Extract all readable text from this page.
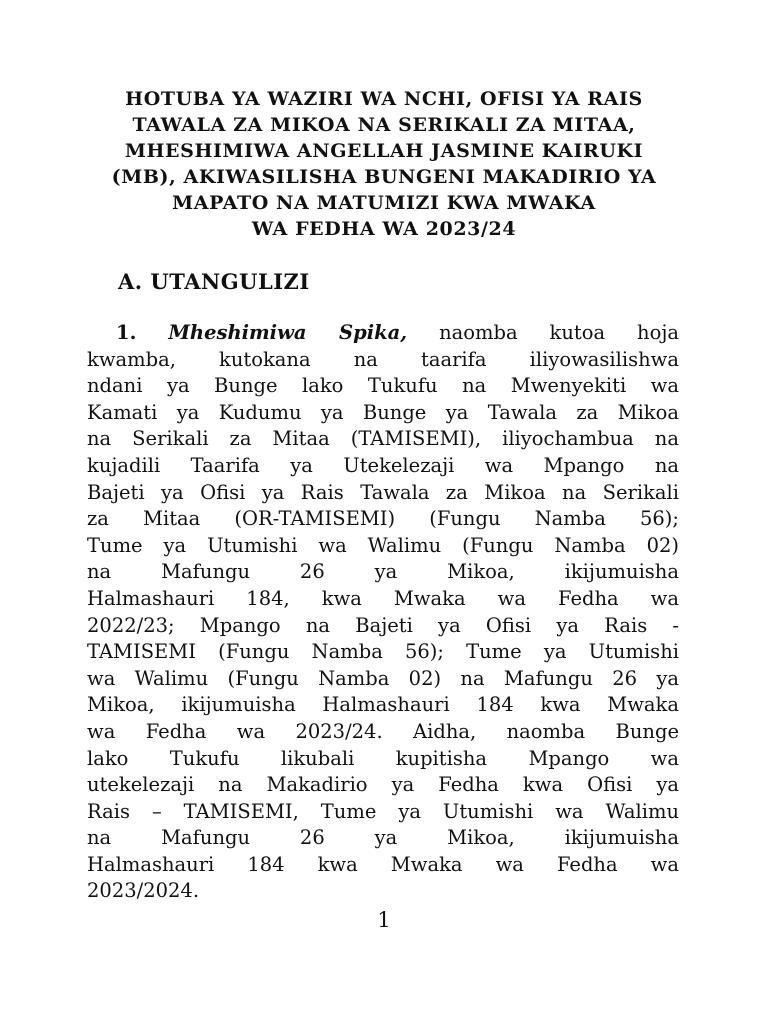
HOTUBA YA WAZIRI WA NCHI, OFISI YA RAIS
TAWALA ZA MIKOA NA SERIKALI ZA MITAA,
MHESHIMIWA ANGELLAH JASMINE KAIRUKI
(MB), AKIWASILISHA BUNGENI MAKADIRIO YA
MAPATO NA MATUMIZI KWA MWAKA
WA FEDHA WA 2023/24
A. UTANGULIZI
1. Mheshimiwa Spika, naomba kutoa hoja
kwamba, kutokana na taarifa iliyowasilishwa
ndani ya Bunge lako Tukufu na Mwenyekiti wa
Kamati ya Kudumu ya Bunge ya Tawala za Mikoa
na Serikali za Mitaa (TAMISEMI), iliyochambua na
kujadili Taarifa ya Utekelezaji wa Mpango na
Bajeti ya Ofisi ya Rais Tawala za Mikoa na Serikali
za Mitaa (OR-TAMISEMI) (Fungu Namba 56);
Tume ya Utumishi wa Walimu (Fungu Namba 02)
na Mafungu 26 ya Mikoa, ikijumuisha
Halmashauri 184, kwa Mwaka wa Fedha wa
2022/23; Mpango na Bajeti ya Ofisi ya Rais -
TAMISEMI (Fungu Namba 56); Tume ya Utumishi
wa Walimu (Fungu Namba 02) na Mafungu 26 ya
Mikoa, ikijumuisha Halmashauri 184 kwa Mwaka
wa Fedha wa 2023/24. Aidha, naomba Bunge
lako Tukufu likubali kupitisha Mpango wa
utekelezaji na Makadirio ya Fedha kwa Ofisi ya
Rais – TAMISEMI, Tume ya Utumishi wa Walimu
na Mafungu 26 ya Mikoa, ikijumuisha
Halmashauri 184 kwa Mwaka wa Fedha wa
2023/2024.
1
